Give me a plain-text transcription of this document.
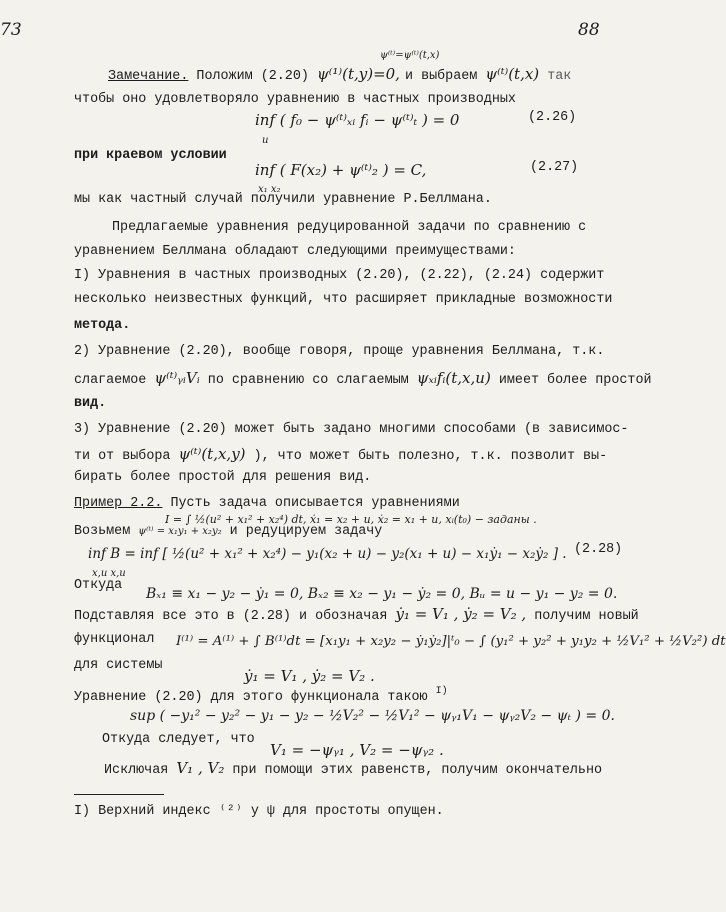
73	88
Замечание. Положим (2.20) ψ⁽¹⁾(t,y)=0,
ψ⁽ᵗ⁾=ψ⁽ᵗ⁾(t,x)
и выбраем ψ⁽ᵗ⁾(t,x) так
чтобы оно удовлетворяло уравнению в частных производных
inf ( f₀ − ψ⁽ᵗ⁾ₓᵢ fᵢ − ψ⁽ᵗ⁾ₜ ) = 0
u
(2.26)
при краевом условии
inf ( F(x₂) + ψ⁽ᵗ⁾₂ ) = C,
x₁ x₂
(2.27)
мы как частный случай получили уравнение Р.Беллмана.
Предлагаемые уравнения редуцированной задачи по сравнению с
уравнением Беллмана обладают следующими преимуществами:
I) Уравнения в частных производных (2.20), (2.22), (2.24) содержит
несколько неизвестных функций, что расширяет прикладные возможности
метода.
2) Уравнение (2.20), вообще говоря, проще уравнения Беллмана, т.к.
слагаемое ψ⁽ᵗ⁾ᵧᵢVᵢ по сравнению со слагаемым ψₓᵢfᵢ(t,x,u) имеет более простой
вид.
3) Уравнение (2.20) может быть задано многими способами (в зависимос-
ти от выбора ψ⁽ᵗ⁾(t,x,y) ), что может быть полезно, т.к. позволит вы-
бирать более простой для решения вид.
Пример 2.2. Пусть задача описывается уравнениями
I = ∫ ½(u² + x₁² + x₂⁴) dt, ẋ₁ = x₂ + u, ẋ₂ = x₁ + u, xᵢ(t₀) − заданы .
Возьмем ψ⁽ᵗ⁾ = x₁y₁ + x₂y₂ и редуцируем задачу
inf B = inf [ ½(u² + x₁² + x₂⁴) − y₁(x₂ + u) − y₂(x₁ + u) − x₁ẏ₁ − x₂ẏ₂ ] .
x,u x,u
(2.28)
Откуда
Bₓ₁ ≡ x₁ − y₂ − ẏ₁ = 0, Bₓ₂ ≡ x₂ − y₁ − ẏ₂ = 0, Bᵤ = u − y₁ − y₂ = 0.
Подставляя все это в (2.28) и обозначая ẏ₁ = V₁ , ẏ₂ = V₂ , получим новый
функционал I⁽¹⁾ = A⁽¹⁾ + ∫ B⁽¹⁾dt = [x₁y₁ + x₂y₂ − ẏ₁ẏ₂]|ᵗ₀ − ∫ (y₁² + y₂² + y₁y₂ + ½V₁² + ½V₂²) dt
для системы
ẏ₁ = V₁ , ẏ₂ = V₂ .
Уравнение (2.20) для этого функционала такою $^{I)}$
sup ( −y₁² − y₂² − y₁ − y₂ − ½V₂² − ½V₁² − ψᵧ₁V₁ − ψᵧ₂V₂ − ψₜ ) = 0.
Откуда следует, что
V₁ = −ψᵧ₁ , V₂ = −ψᵧ₂ .
Исключая V₁ , V₂ при помощи этих равенств, получим окончательно
I) Верхний индекс ⁽²⁾ у ψ для простоты опущен.
